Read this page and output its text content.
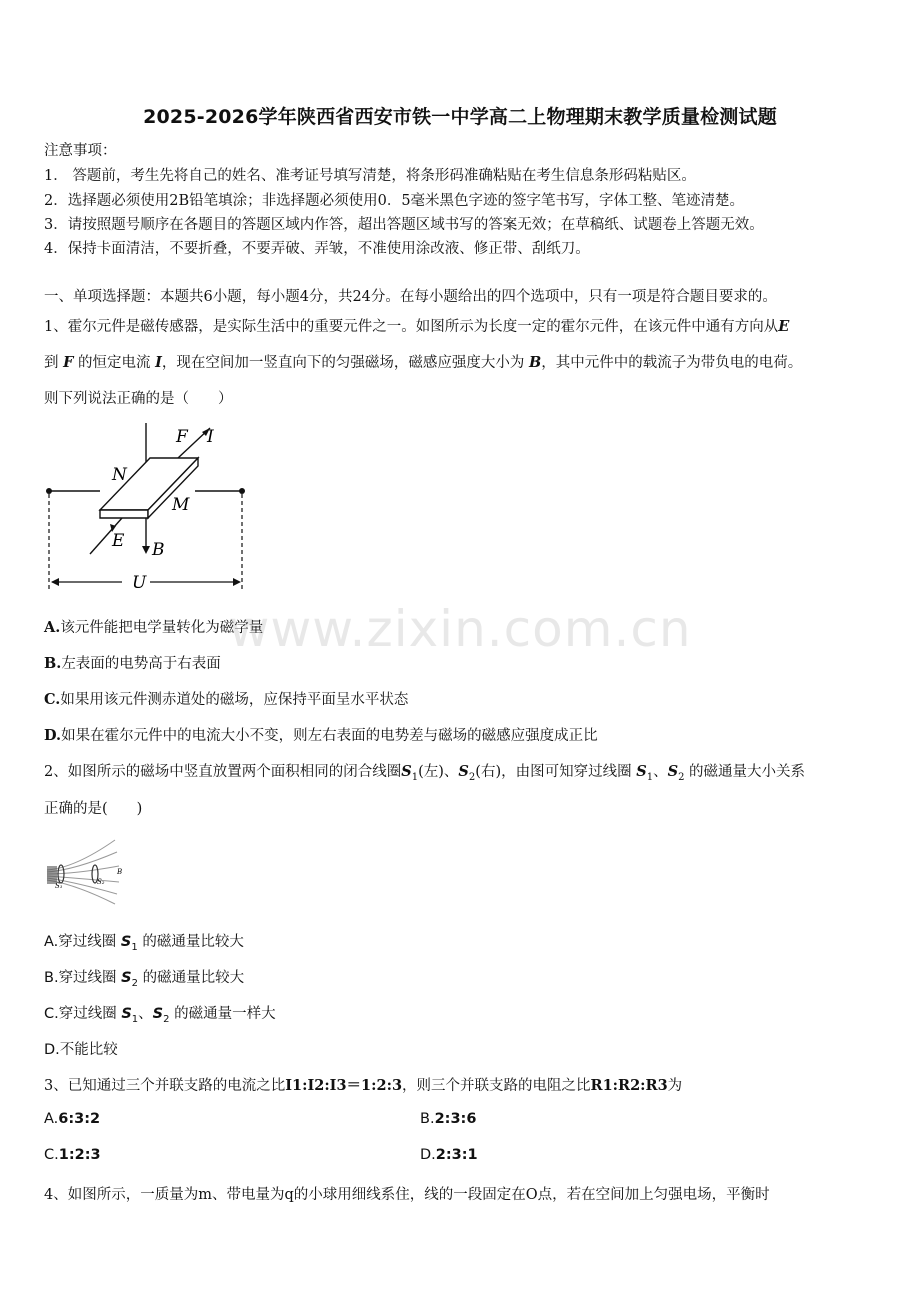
2025-2026学年陕西省西安市铁一中学高二上物理期末教学质量检测试题
注意事项：
1． 答题前，考生先将自己的姓名、准考证号填写清楚，将条形码准确粘贴在考生信息条形码粘贴区。
2．选择题必须使用2B铅笔填涂；非选择题必须使用0．5毫米黑色字迹的签字笔书写，字体工整、笔迹清楚。
3．请按照题号顺序在各题目的答题区域内作答，超出答题区域书写的答案无效；在草稿纸、试题卷上答题无效。
4．保持卡面清洁，不要折叠，不要弄破、弄皱，不准使用涂改液、修正带、刮纸刀。
一、单项选择题：本题共6小题，每小题4分，共24分。在每小题给出的四个选项中，只有一项是符合题目要求的。
1、霍尔元件是磁传感器，是实际生活中的重要元件之一。如图所示为长度一定的霍尔元件，在该元件中通有方向从E
到 F 的恒定电流 I，现在空间加一竖直向下的匀强磁场，磁感应强度大小为 B，其中元件中的载流子为带负电的电荷。
则下列说法正确的是（　　）
F I
N
M
E B
U
A.该元件能把电学量转化为磁学量
B.左表面的电势高于右表面
C.如果用该元件测赤道处的磁场，应保持平面呈水平状态
D.如果在霍尔元件中的电流大小不变，则左右表面的电势差与磁场的磁感应强度成正比
2、如图所示的磁场中竖直放置两个面积相同的闭合线圈$S_1$(左)、$S_2$(右)，由图可知穿过线圈 $S_1$、$S_2$ 的磁通量大小关系
正确的是(　　)
S₁	S₂
B
A.穿过线圈 $S_1$ 的磁通量比较大
B.穿过线圈 $S_2$ 的磁通量比较大
C.穿过线圈 $S_1$、$S_2$ 的磁通量一样大
D.不能比较
3、已知通过三个并联支路的电流之比I1:I2:I3＝1:2:3，则三个并联支路的电阻之比R1:R2:R3为
A.6:3:2	B.2:3:6
C.1:2:3	D.2:3:1
4、如图所示，一质量为m、带电量为q的小球用细线系住，线的一段固定在O点，若在空间加上匀强电场，平衡时
www.zixin.com.cn
